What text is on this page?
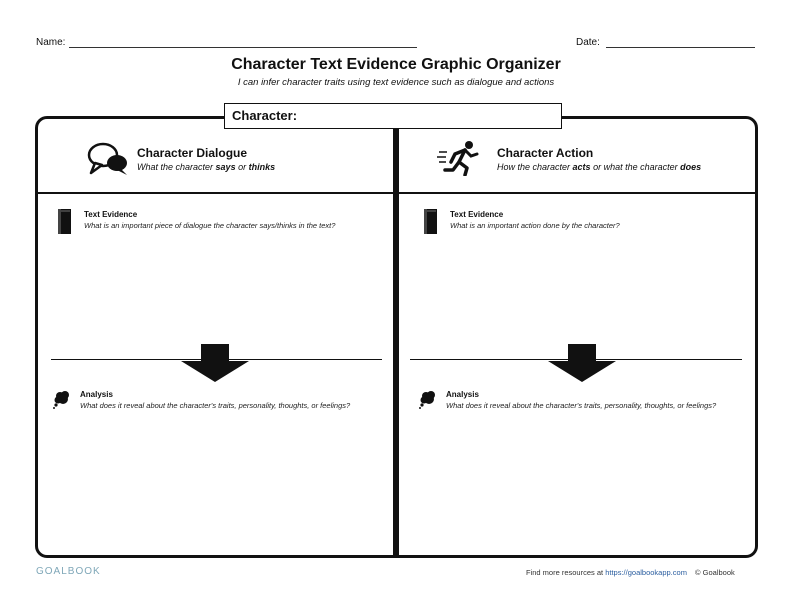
Name:	Date:
Character Text Evidence Graphic Organizer
I can infer character traits using text evidence such as dialogue and actions
Character:
Character Dialogue
What the character says or thinks
Character Action
How the character acts or what the character does
Text Evidence
What is an important piece of dialogue the character says/thinks in the text?
Text Evidence
What is an important action done by the character?
Analysis
What does it reveal about the character's traits, personality, thoughts, or feelings?
Analysis
What does it reveal about the character's traits, personality, thoughts, or feelings?
GOALBOOK	Find more resources at https://goalbookapp.com © Goalbook
